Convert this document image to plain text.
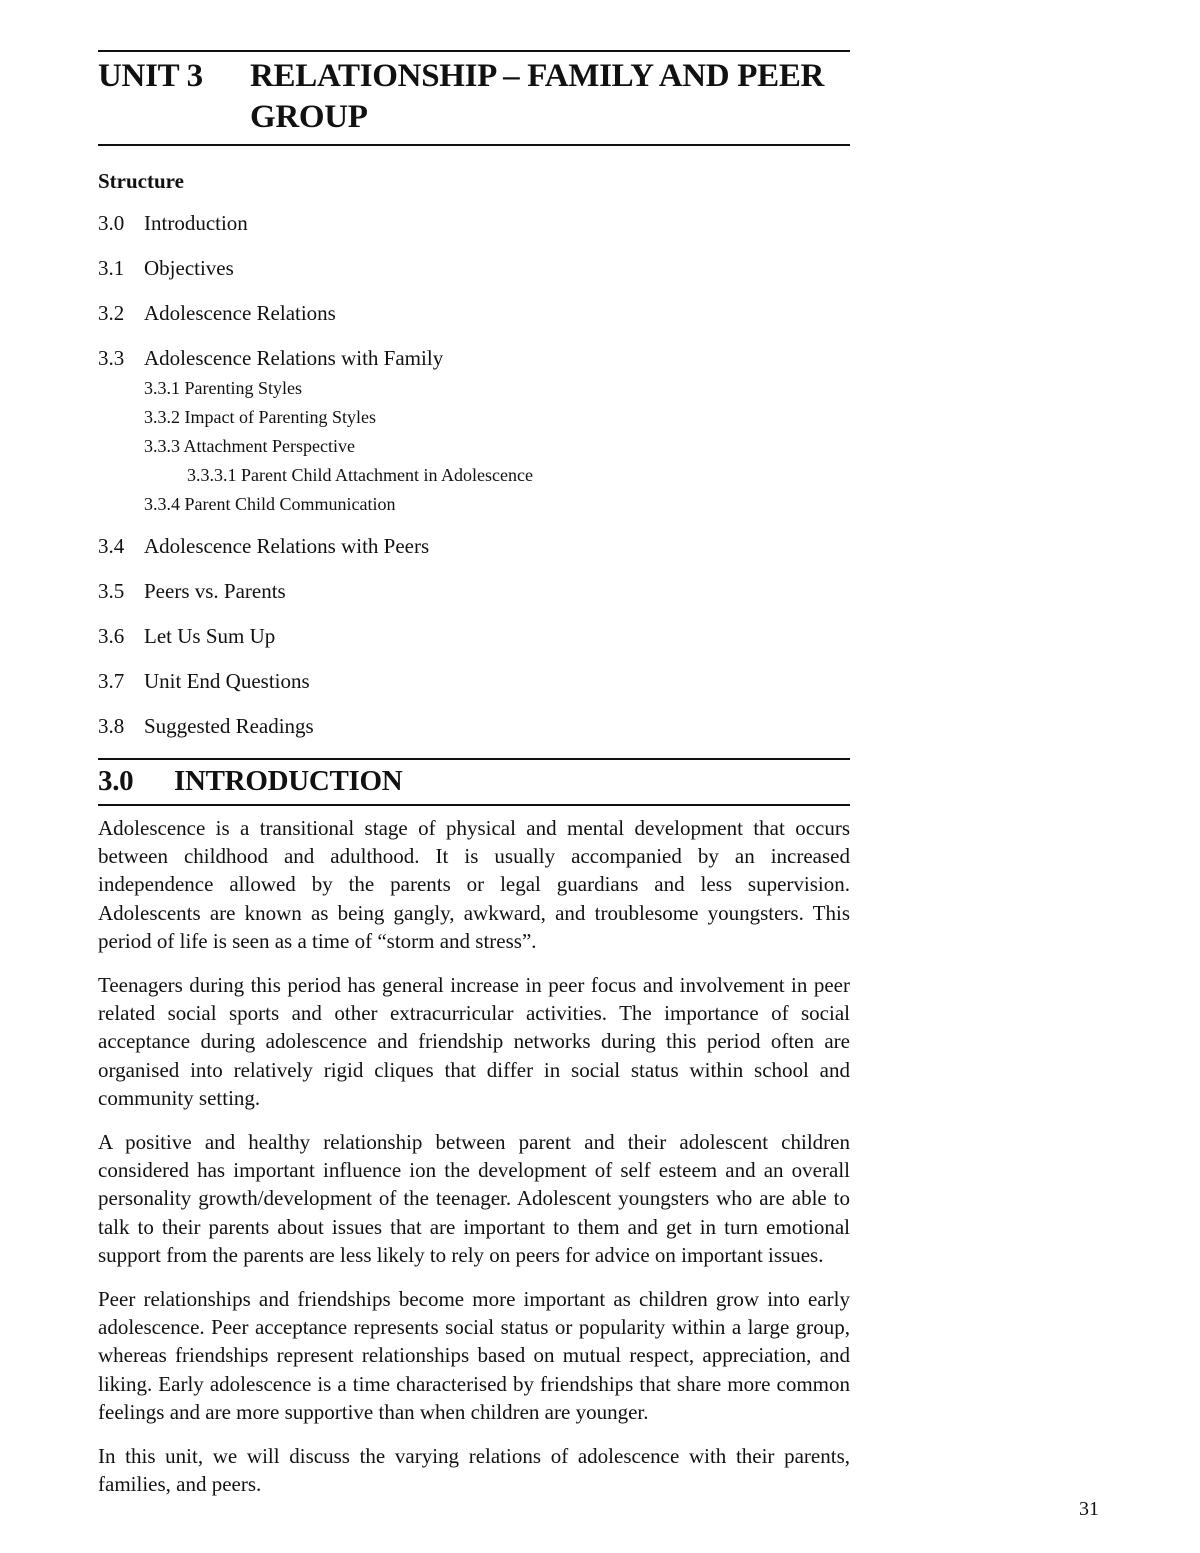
UNIT 3	RELATIONSHIP – FAMILY AND PEER GROUP
Structure
3.0 Introduction
3.1 Objectives
3.2 Adolescence Relations
3.3 Adolescence Relations with Family
3.3.1 Parenting Styles
3.3.2 Impact of Parenting Styles
3.3.3 Attachment Perspective
3.3.3.1 Parent Child Attachment in Adolescence
3.3.4 Parent Child Communication
3.4 Adolescence Relations with Peers
3.5 Peers vs. Parents
3.6 Let Us Sum Up
3.7 Unit End Questions
3.8 Suggested Readings
3.0	INTRODUCTION

Adolescence is a transitional stage of physical and mental development that occurs between childhood and adulthood. It is usually accompanied by an increased independence allowed by the parents or legal guardians and less supervision. Adolescents are known as being gangly, awkward, and troublesome youngsters. This period of life is seen as a time of “storm and stress”.

Teenagers during this period has general increase in peer focus and involvement in peer related social sports and other extracurricular activities. The importance of social acceptance during adolescence and friendship networks during this period often are organised into relatively rigid cliques that differ in social status within school and community setting.

A positive and healthy relationship between parent and their adolescent children considered has important influence ion the development of self esteem and an overall personality growth/development of the teenager. Adolescent youngsters who are able to talk to their parents about issues that are important to them and get in turn emotional support from the parents are less likely to rely on peers for advice on important issues.

Peer relationships and friendships become more important as children grow into early adolescence. Peer acceptance represents social status or popularity within a large group, whereas friendships represent relationships based on mutual respect, appreciation, and liking. Early adolescence is a time characterised by friendships that share more common feelings and are more supportive than when children are younger.

In this unit, we will discuss the varying relations of adolescence with their parents, families, and peers.

31
